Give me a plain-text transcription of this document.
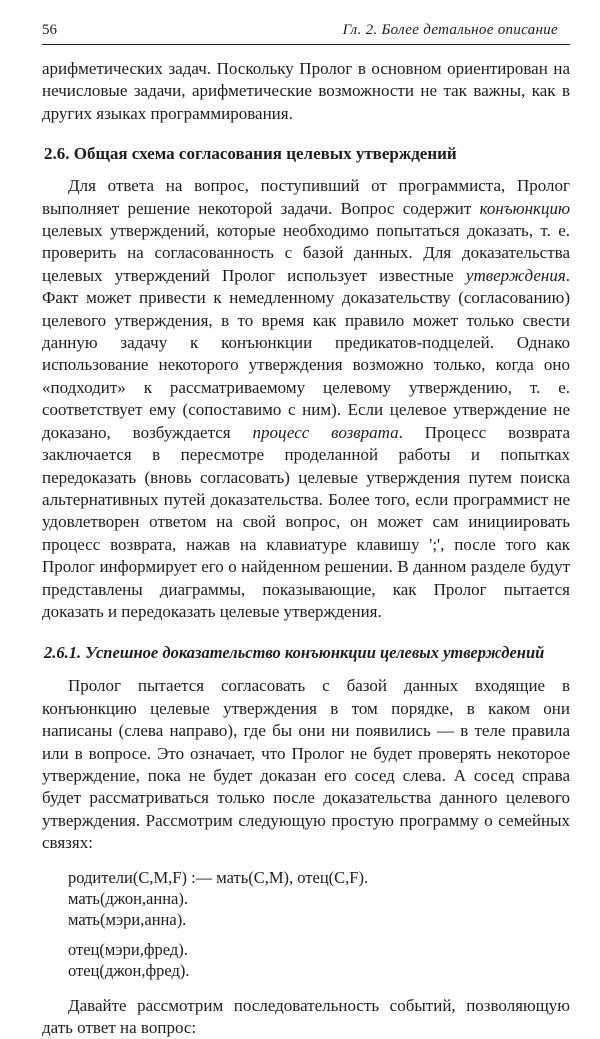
56	Гл. 2. Более детальное описание

арифметических задач. Поскольку Пролог в основном ориентирован на нечисловые задачи, арифметические возможности не так важны, как в других языках программирования.

2.6. Общая схема согласования целевых утверждений

Для ответа на вопрос, поступивший от программиста, Пролог выполняет решение некоторой задачи. Вопрос содержит конъюнкцию целевых утверждений, которые необходимо попытаться доказать, т. е. проверить на согласованность с базой данных. Для доказательства целевых утверждений Пролог использует известные утверждения. Факт может привести к немедленному доказательству (согласованию) целевого утверждения, в то время как правило может только свести данную задачу к конъюнкции предикатов-подцелей. Однако использование некоторого утверждения возможно только, когда оно «подходит» к рассматриваемому целевому утверждению, т. е. соответствует ему (сопоставимо с ним). Если целевое утверждение не доказано, возбуждается процесс возврата. Процесс возврата заключается в пересмотре проделанной работы и попытках передоказать (вновь согласовать) целевые утверждения путем поиска альтернативных путей доказательства. Более того, если программист не удовлетворен ответом на свой вопрос, он может сам инициировать процесс возврата, нажав на клавиатуре клавишу ';', после того как Пролог информирует его о найденном решении. В данном разделе будут представлены диаграммы, показывающие, как Пролог пытается доказать и передоказать целевые утверждения.

2.6.1. Успешное доказательство конъюнкции целевых утверждений

Пролог пытается согласовать с базой данных входящие в конъюнкцию целевые утверждения в том порядке, в каком они написаны (слева направо), где бы они ни появились — в теле правила или в вопросе. Это означает, что Пролог не будет проверять некоторое утверждение, пока не будет доказан его сосед слева. А сосед справа будет рассматриваться только после доказательства данного целевого утверждения. Рассмотрим следующую простую программу о семейных связях:

родители(С,М,F) :— мать(С,М), отец(С,F).
мать(джон,анна).
мать(мэри,анна).
отец(мэри,фред).
отец(джон,фред).

Давайте рассмотрим последовательность событий, позволяющую дать ответ на вопрос:
